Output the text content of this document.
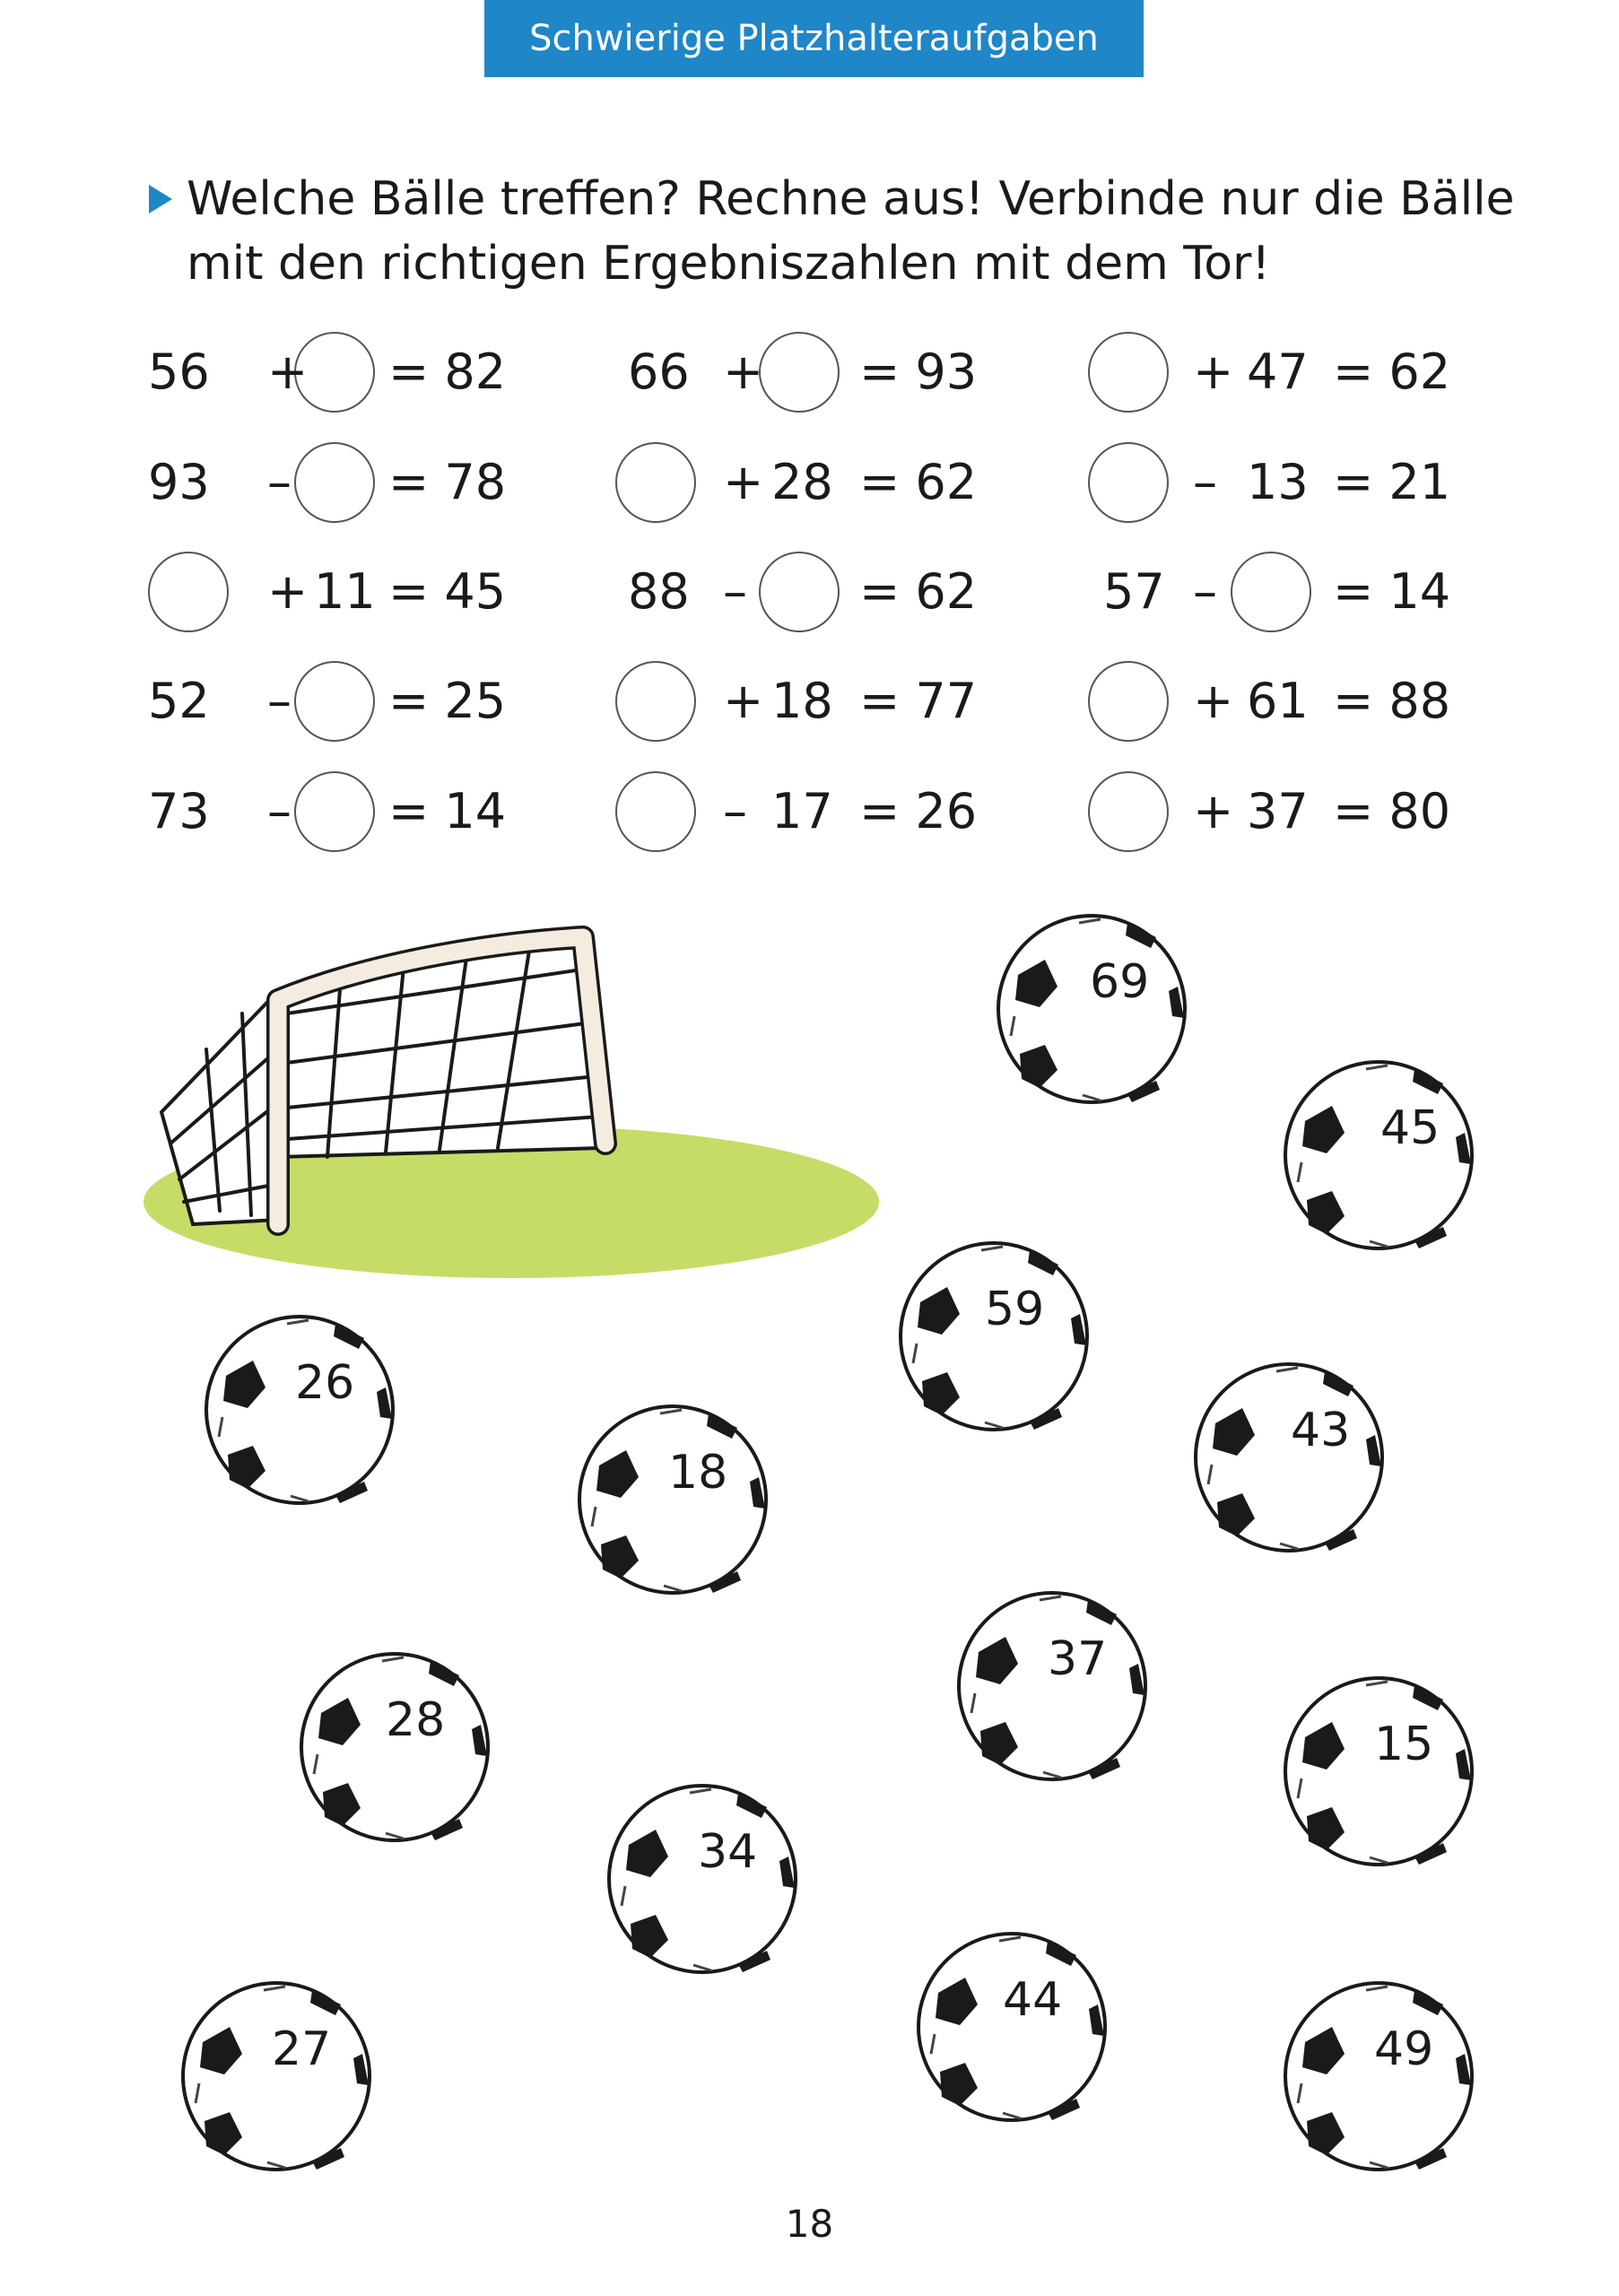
Schwierige Platzhalteraufgaben
Welche Bälle treffen? Rechne aus! Verbinde nur die Bälle
mit den richtigen Ergebniszahlen mit dem Tor!
56 + = 82
93 – = 78
+ 11 = 45
52 – = 25
73 – = 14
66 + = 93
+ 28 = 62
88 – = 62
+ 18 = 77
– 17 = 26
+ 47 = 62
– 13 = 21
57 – = 14
+ 61 = 88
+ 37 = 80
69
45
59
26
43
18
37
28	15
34
44
27	49
18
